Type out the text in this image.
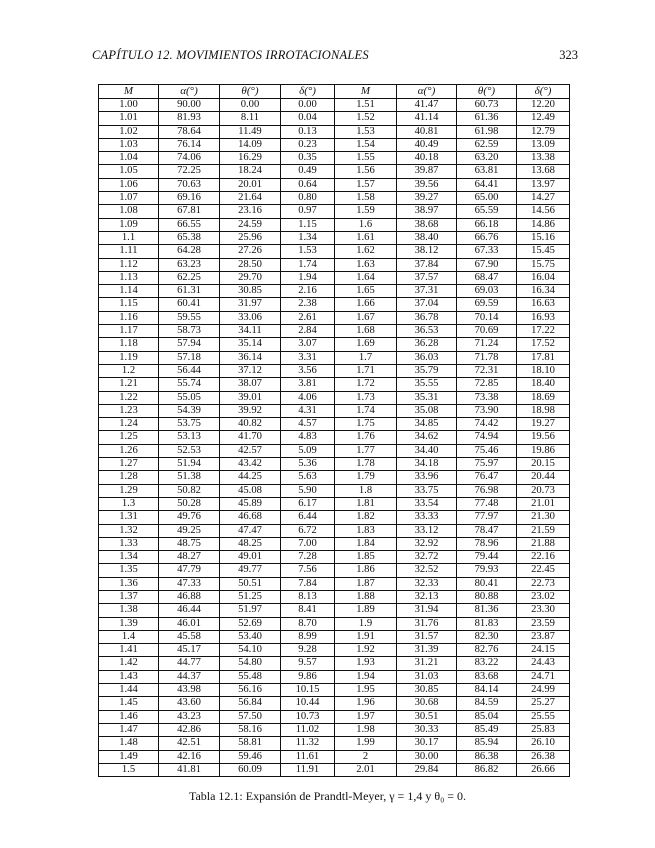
CAPÍTULO 12. MOVIMIENTOS IRROTACIONALES	323
M	α(°)	θ(°)	δ(°)	M	α(°)	θ(°)	δ(°)
1.00	90.00	0.00	0.00	1.51	41.47	60.73	12.20
1.01	81.93	8.11	0.04	1.52	41.14	61.36	12.49
1.02	78.64	11.49	0.13	1.53	40.81	61.98	12.79
1.03	76.14	14.09	0.23	1.54	40.49	62.59	13.09
1.04	74.06	16.29	0.35	1.55	40.18	63.20	13.38
1.05	72.25	18.24	0.49	1.56	39.87	63.81	13.68
1.06	70.63	20.01	0.64	1.57	39.56	64.41	13.97
1.07	69.16	21.64	0.80	1.58	39.27	65.00	14.27
1.08	67.81	23.16	0.97	1.59	38.97	65.59	14.56
1.09	66.55	24.59	1.15	1.6	38.68	66.18	14.86
1.1	65.38	25.96	1.34	1.61	38.40	66.76	15.16
1.11	64.28	27.26	1.53	1.62	38.12	67.33	15.45
1.12	63.23	28.50	1.74	1.63	37.84	67.90	15.75
1.13	62.25	29.70	1.94	1.64	37.57	68.47	16.04
1.14	61.31	30.85	2.16	1.65	37.31	69.03	16.34
1.15	60.41	31.97	2.38	1.66	37.04	69.59	16.63
1.16	59.55	33.06	2.61	1.67	36.78	70.14	16.93
1.17	58.73	34.11	2.84	1.68	36.53	70.69	17.22
1.18	57.94	35.14	3.07	1.69	36.28	71.24	17.52
1.19	57.18	36.14	3.31	1.7	36.03	71.78	17.81
1.2	56.44	37.12	3.56	1.71	35.79	72.31	18.10
1.21	55.74	38.07	3.81	1.72	35.55	72.85	18.40
1.22	55.05	39.01	4.06	1.73	35.31	73.38	18.69
1.23	54.39	39.92	4.31	1.74	35.08	73.90	18.98
1.24	53.75	40.82	4.57	1.75	34.85	74.42	19.27
1.25	53.13	41.70	4.83	1.76	34.62	74.94	19.56
1.26	52.53	42.57	5.09	1.77	34.40	75.46	19.86
1.27	51.94	43.42	5.36	1.78	34.18	75.97	20.15
1.28	51.38	44.25	5.63	1.79	33.96	76.47	20.44
1.29	50.82	45.08	5.90	1.8	33.75	76.98	20.73
1.3	50.28	45.89	6.17	1.81	33.54	77.48	21.01
1.31	49.76	46.68	6.44	1.82	33.33	77.97	21.30
1.32	49.25	47.47	6.72	1.83	33.12	78.47	21.59
1.33	48.75	48.25	7.00	1.84	32.92	78.96	21.88
1.34	48.27	49.01	7.28	1.85	32.72	79.44	22.16
1.35	47.79	49.77	7.56	1.86	32.52	79.93	22.45
1.36	47.33	50.51	7.84	1.87	32.33	80.41	22.73
1.37	46.88	51.25	8.13	1.88	32.13	80.88	23.02
1.38	46.44	51.97	8.41	1.89	31.94	81.36	23.30
1.39	46.01	52.69	8.70	1.9	31.76	81.83	23.59
1.4	45.58	53.40	8.99	1.91	31.57	82.30	23.87
1.41	45.17	54.10	9.28	1.92	31.39	82.76	24.15
1.42	44.77	54.80	9.57	1.93	31.21	83.22	24.43
1.43	44.37	55.48	9.86	1.94	31.03	83.68	24.71
1.44	43.98	56.16	10.15	1.95	30.85	84.14	24.99
1.45	43.60	56.84	10.44	1.96	30.68	84.59	25.27
1.46	43.23	57.50	10.73	1.97	30.51	85.04	25.55
1.47	42.86	58.16	11.02	1.98	30.33	85.49	25.83
1.48	42.51	58.81	11.32	1.99	30.17	85.94	26.10
1.49	42.16	59.46	11.61	2	30.00	86.38	26.38
1.5	41.81	60.09	11.91	2.01	29.84	86.82	26.66
Tabla 12.1: Expansión de Prandtl-Meyer, γ = 1,4 y θ₀ = 0.
